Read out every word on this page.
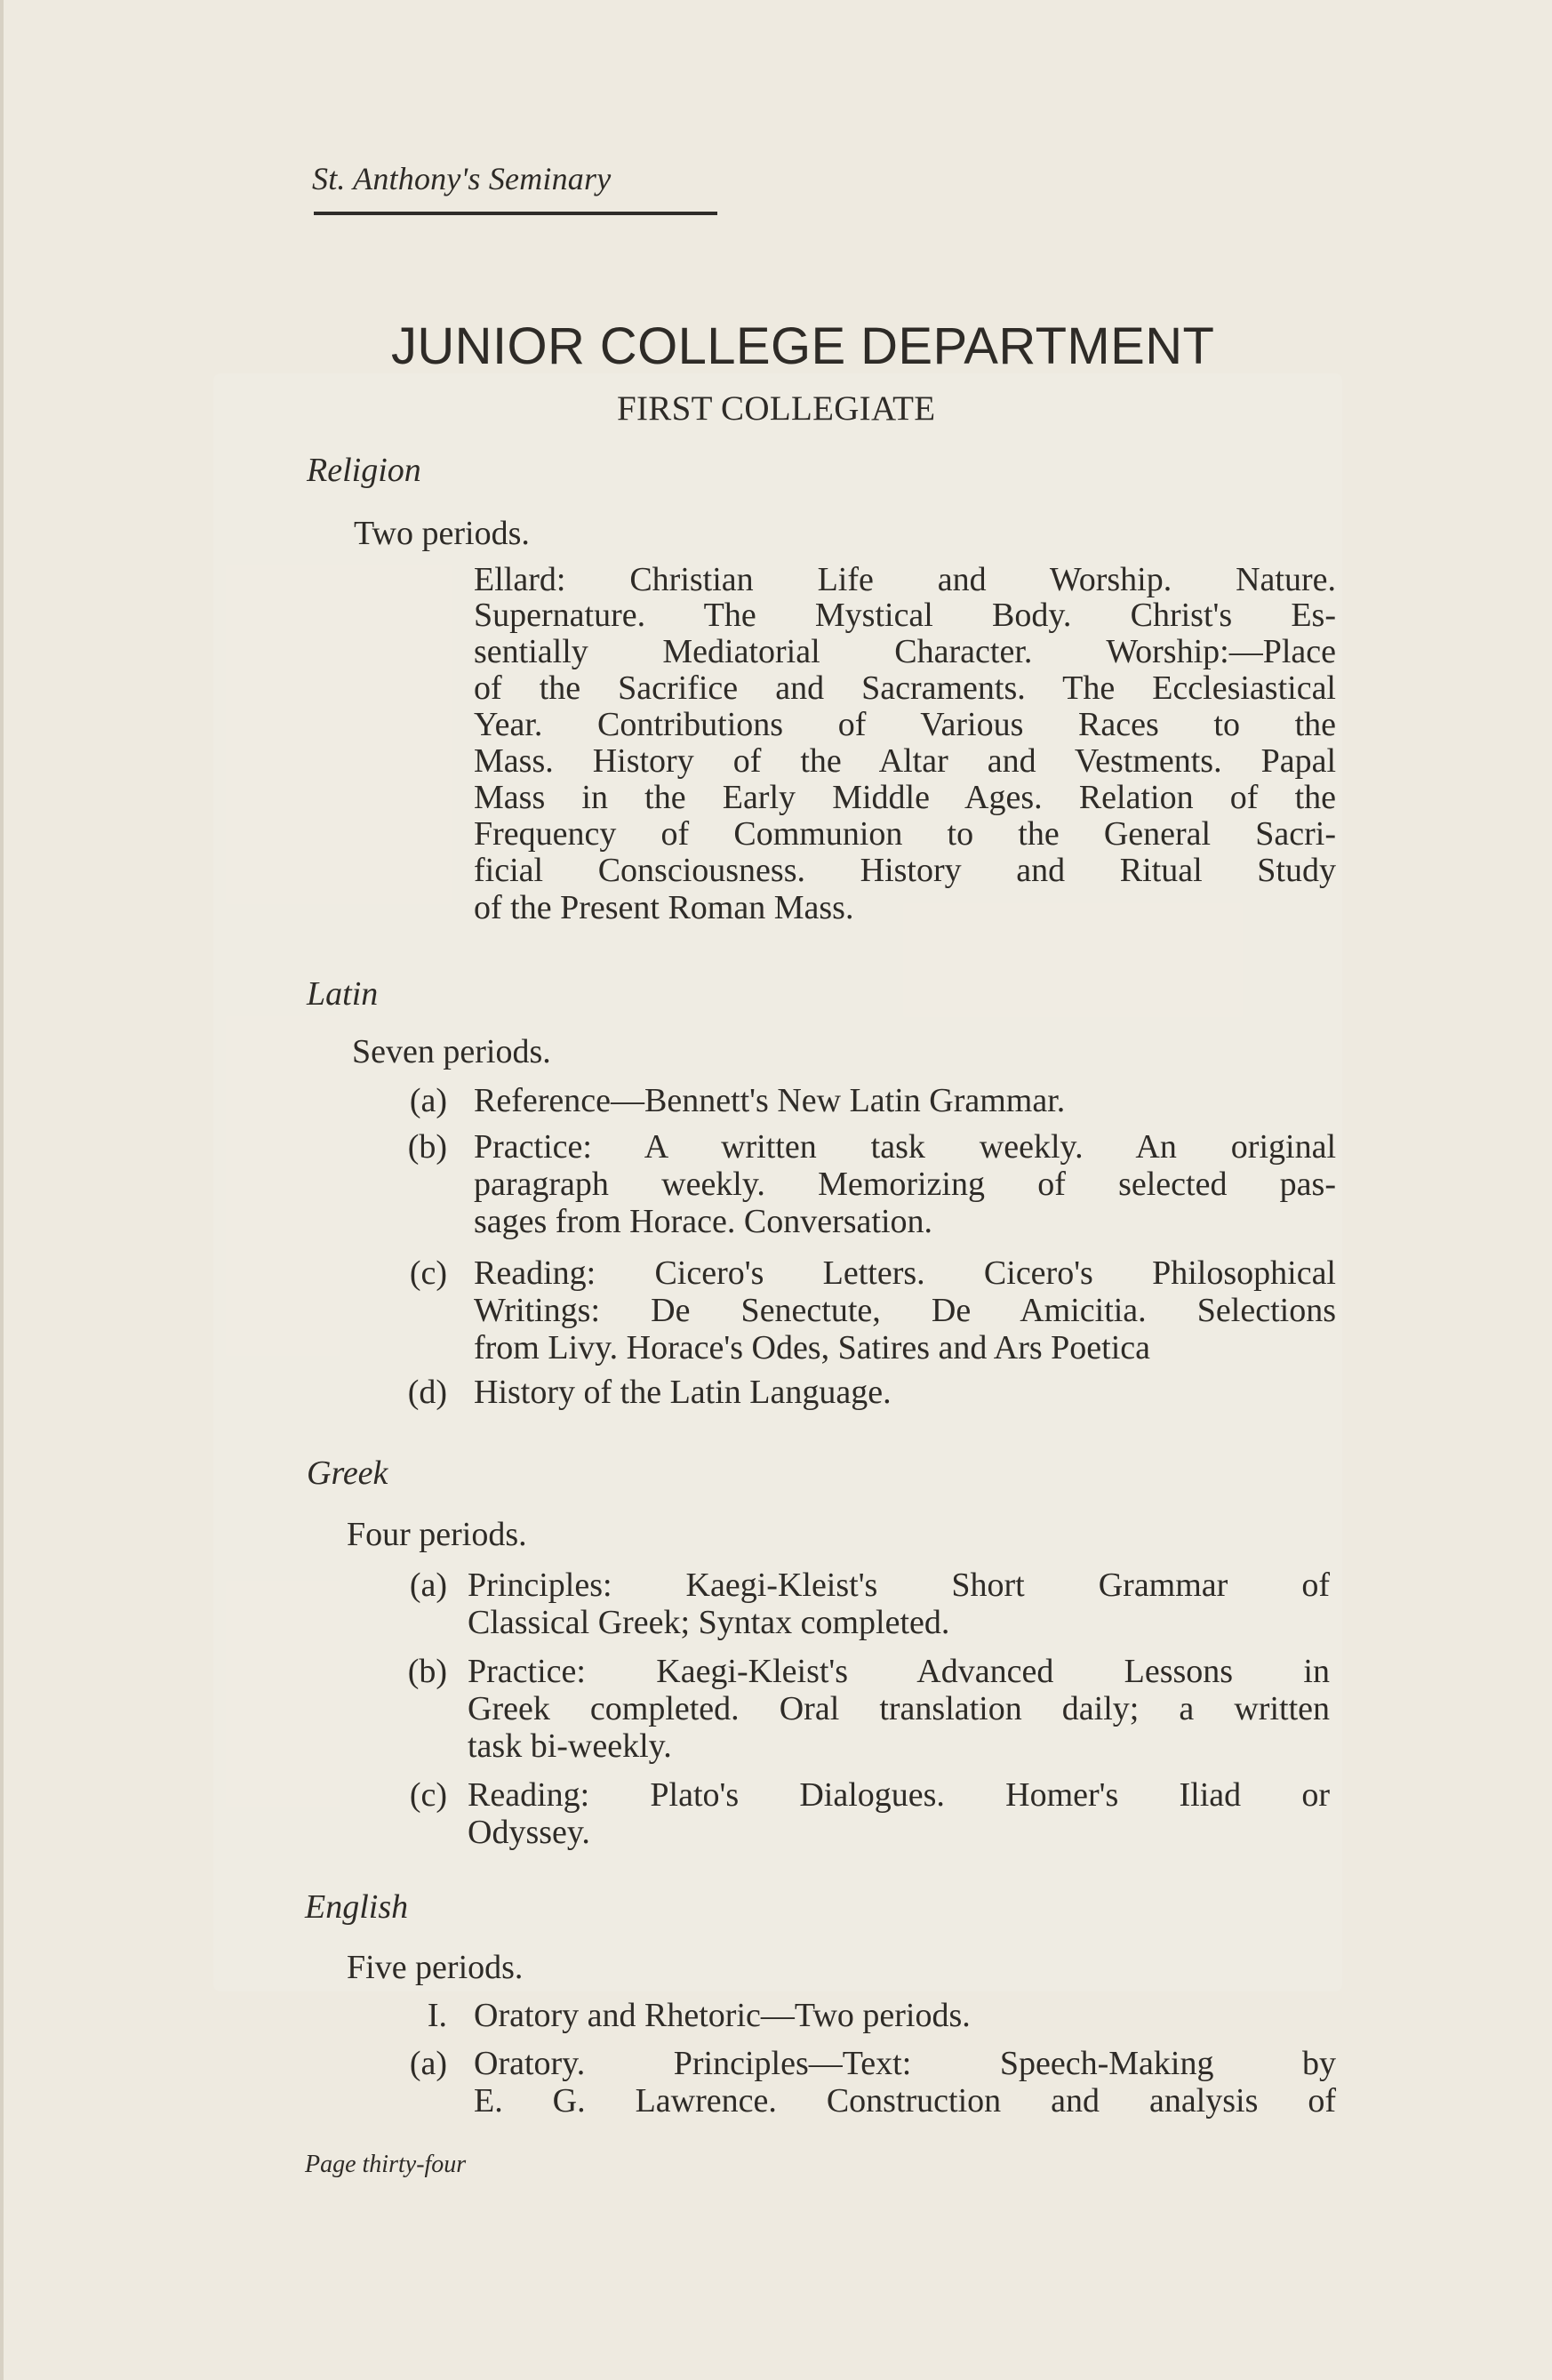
St. Anthony's Seminary
JUNIOR COLLEGE DEPARTMENT
FIRST COLLEGIATE
Religion
Two periods.
Ellard: Christian Life and Worship. Nature.
Supernature. The Mystical Body. Christ's Es-
sentially Mediatorial Character. Worship:—Place
of the Sacrifice and Sacraments. The Ecclesiastical
Year. Contributions of Various Races to the
Mass. History of the Altar and Vestments. Papal
Mass in the Early Middle Ages. Relation of the
Frequency of Communion to the General Sacri-
ficial Consciousness. History and Ritual Study
of the Present Roman Mass.
Latin
Seven periods.
(a) Reference—Bennett's New Latin Grammar.
(b) Practice: A written task weekly. An original
paragraph weekly. Memorizing of selected pas-
sages from Horace. Conversation.
(c) Reading: Cicero's Letters. Cicero's Philosophical
Writings: De Senectute, De Amicitia. Selections
from Livy. Horace's Odes, Satires and Ars Poetica
(d) History of the Latin Language.
Greek
Four periods.
(a) Principles: Kaegi-Kleist's Short Grammar of
Classical Greek; Syntax completed.
(b) Practice: Kaegi-Kleist's Advanced Lessons in
Greek completed. Oral translation daily; a written
task bi-weekly.
(c) Reading: Plato's Dialogues. Homer's Iliad or
Odyssey.
English
Five periods.
I. Oratory and Rhetoric—Two periods.
(a) Oratory. Principles—Text: Speech-Making by
E. G. Lawrence. Construction and analysis of
Page thirty-four
